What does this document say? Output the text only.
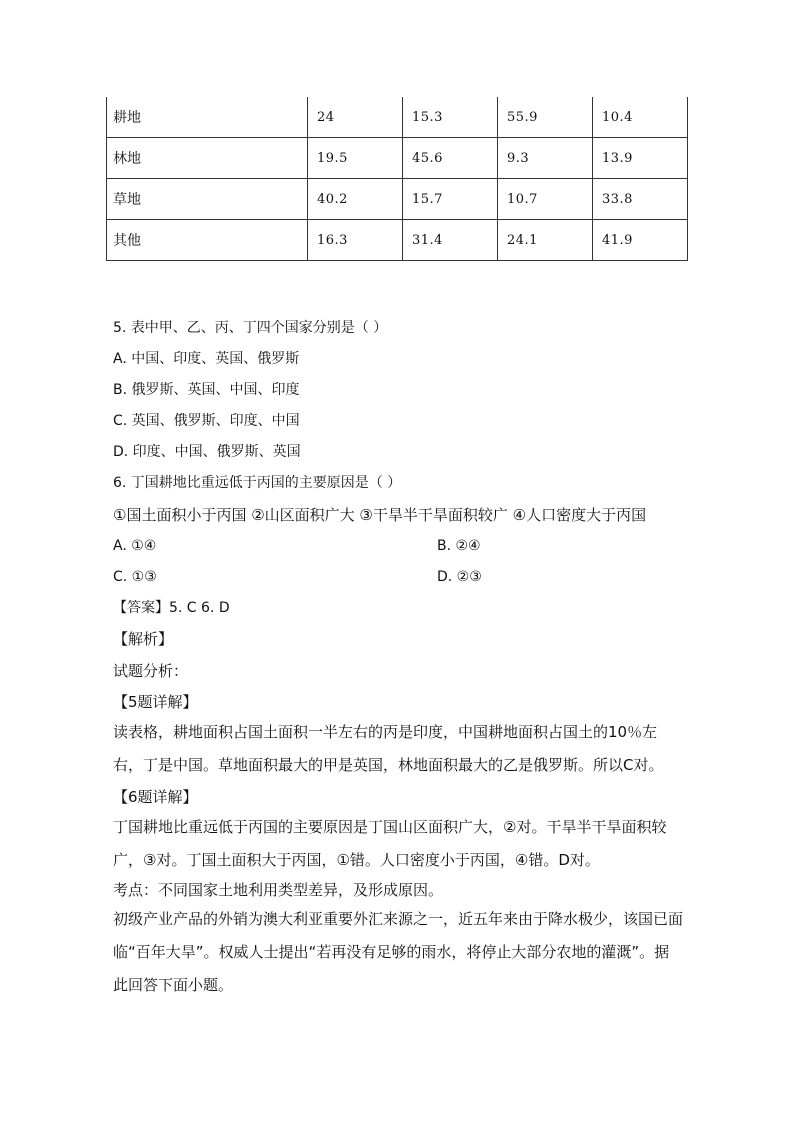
耕地	24	15.3	55.9	10.4
林地	19.5	45.6	9.3	13.9
草地	40.2	15.7	10.7	33.8
其他	16.3	31.4	24.1	41.9
5. 表中甲、乙、丙、丁四个国家分别是（ ）
A. 中国、印度、英国、俄罗斯
B. 俄罗斯、英国、中国、印度
C. 英国、俄罗斯、印度、中国
D. 印度、中国、俄罗斯、英国
6. 丁国耕地比重远低于丙国的主要原因是（ ）
①国土面积小于丙国 ②山区面积广大 ③干旱半干旱面积较广 ④人口密度大于丙国
A. ①④	B. ②④
C. ①③	D. ②③
【答案】5. C 6. D
【解析】
试题分析：
【5题详解】
读表格，耕地面积占国土面积一半左右的丙是印度，中国耕地面积占国土的10％左右，丁是中国。草地面积最大的甲是英国，林地面积最大的乙是俄罗斯。所以C对。
【6题详解】
丁国耕地比重远低于丙国的主要原因是丁国山区面积广大，②对。干旱半干旱面积较广，③对。丁国土面积大于丙国，①错。人口密度小于丙国，④错。D对。
考点：不同国家土地利用类型差异，及形成原因。
初级产业产品的外销为澳大利亚重要外汇来源之一，近五年来由于降水极少，该国已面临“百年大旱”。权威人士提出“若再没有足够的雨水，将停止大部分农地的灌溉”。据此回答下面小题。
